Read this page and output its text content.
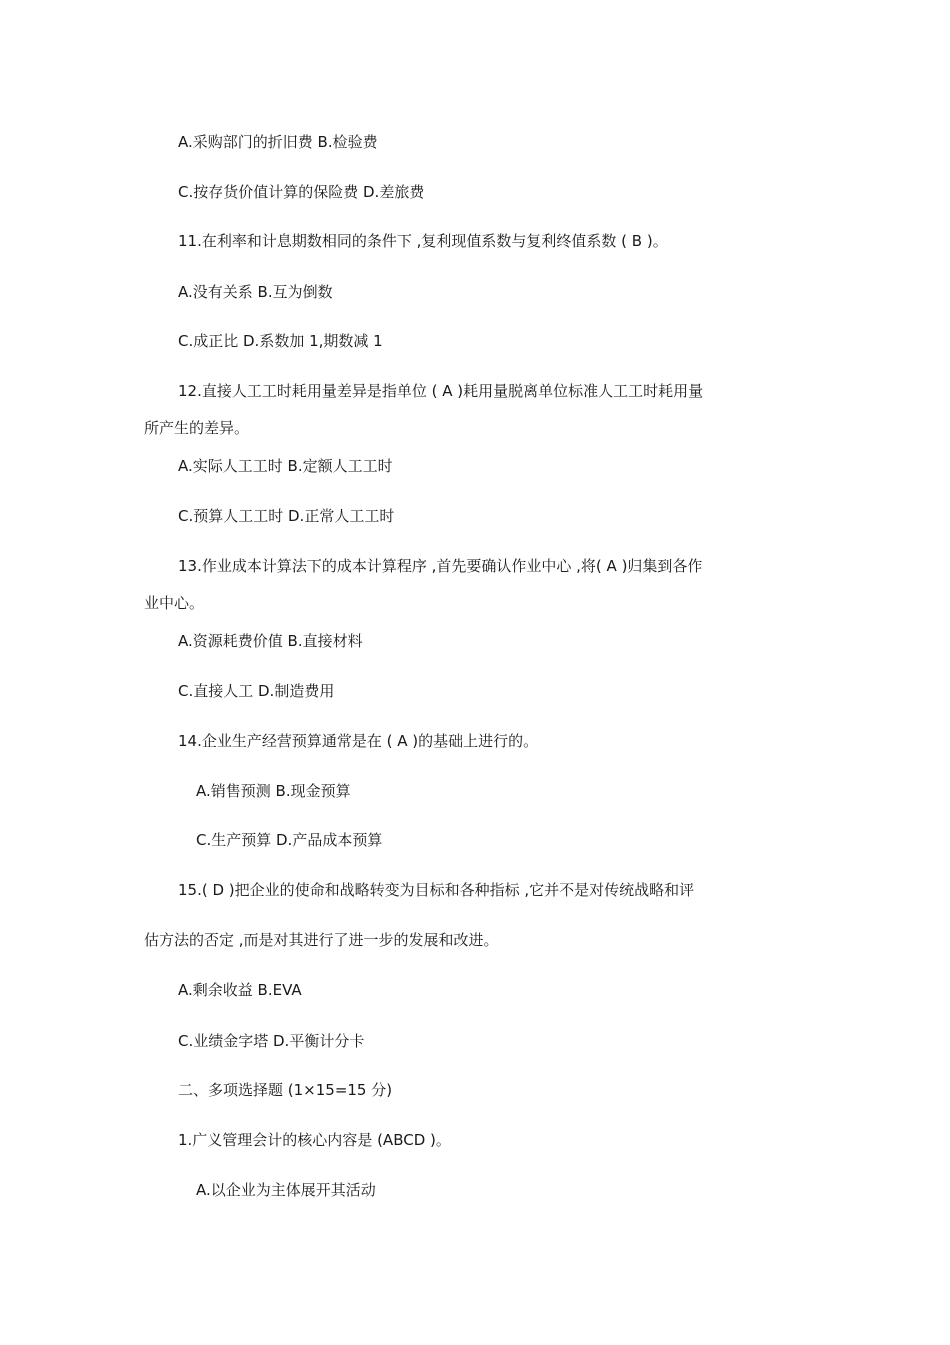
A.采购部门的折旧费 B.检验费

C.按存货价值计算的保险费 D.差旅费

11.在利率和计息期数相同的条件下 ,复利现值系数与复利终值系数 ( B )。

A.没有关系 B.互为倒数

C.成正比 D.系数加 1,期数减 1

12.直接人工工时耗用量差异是指单位 ( A )耗用量脱离单位标准人工工时耗用量

所产生的差异。

A.实际人工工时 B.定额人工工时

C.预算人工工时 D.正常人工工时

13.作业成本计算法下的成本计算程序 ,首先要确认作业中心 ,将( A )归集到各作

业中心。

A.资源耗费价值 B.直接材料

C.直接人工 D.制造费用

14.企业生产经营预算通常是在 ( A )的基础上进行的。

A.销售预测 B.现金预算

C.生产预算 D.产品成本预算

15.( D )把企业的使命和战略转变为目标和各种指标 ,它并不是对传统战略和评

估方法的否定 ,而是对其进行了进一步的发展和改进。

A.剩余收益 B.EVA

C.业绩金字塔 D.平衡计分卡

二、多项选择题 (1×15=15 分)

1.广义管理会计的核心内容是 (ABCD )。

A.以企业为主体展开其活动
